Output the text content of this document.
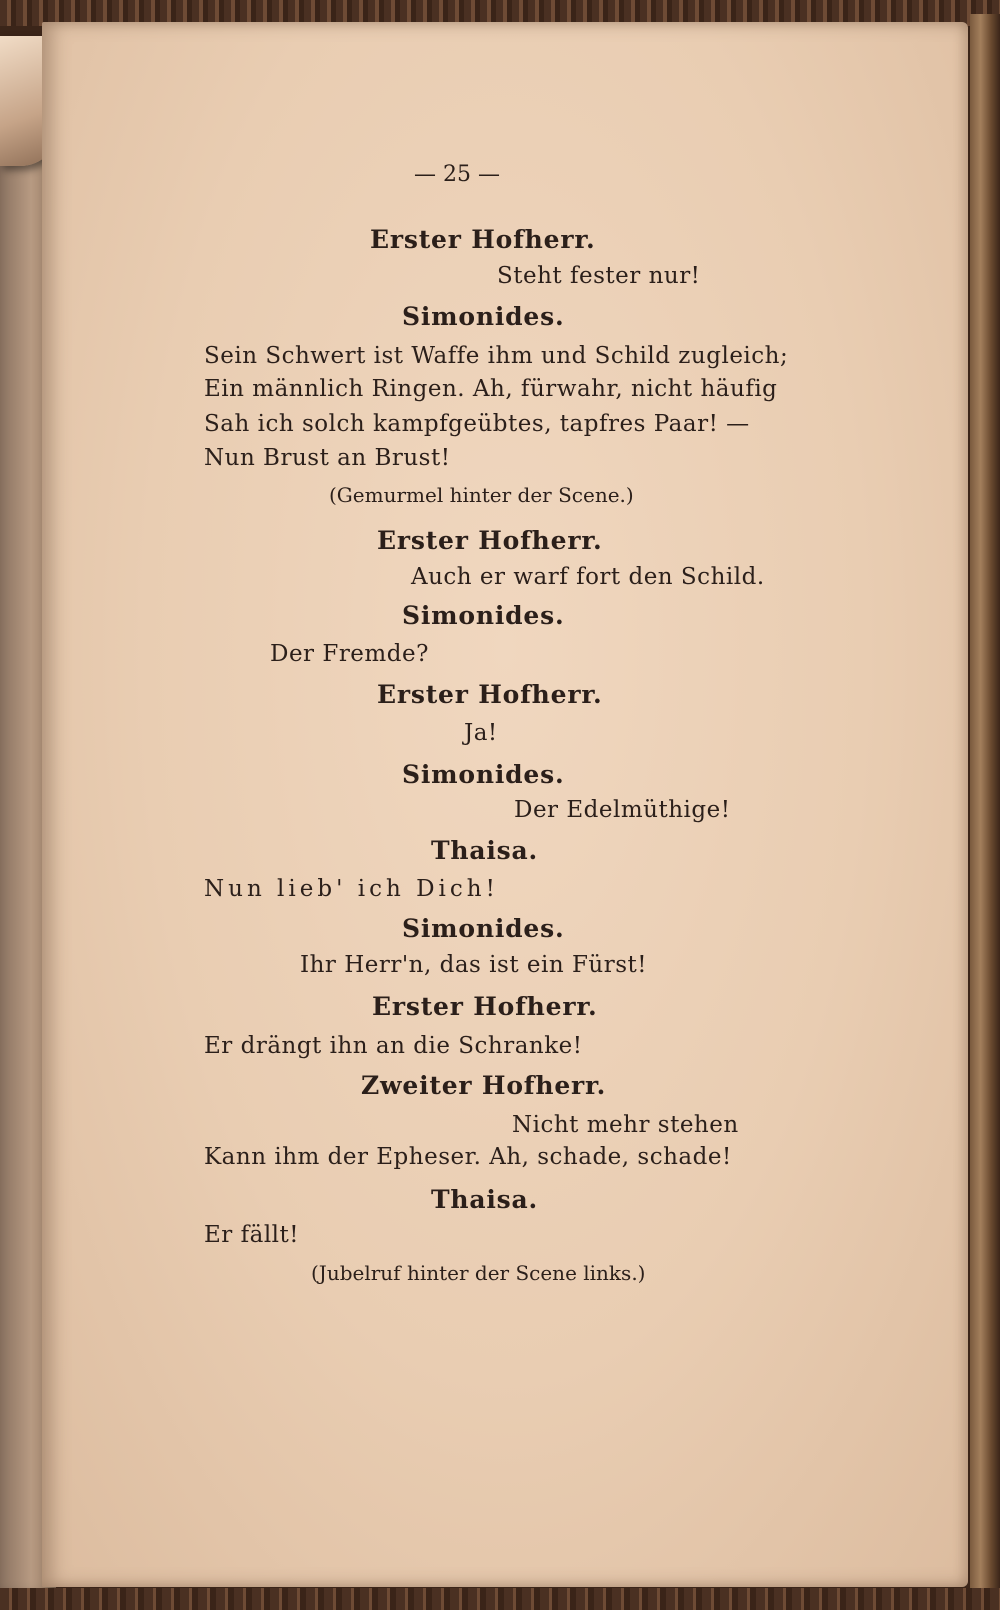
— 25 —
Erster Hofherr.
Steht fester nur!
Simonides.
Sein Schwert ist Waffe ihm und Schild zugleich;
Ein männlich Ringen. Ah, fürwahr, nicht häufig
Sah ich solch kampfgeübtes, tapfres Paar! —
Nun Brust an Brust!
(Gemurmel hinter der Scene.)
Erster Hofherr.
Auch er warf fort den Schild.
Simonides.
Der Fremde?
Erster Hofherr.
Ja!
Simonides.
Der Edelmüthige!
Thaisa.
Nun lieb' ich Dich!
Simonides.
Ihr Herr'n, das ist ein Fürst!
Erster Hofherr.
Er drängt ihn an die Schranke!
Zweiter Hofherr.
Nicht mehr stehen
Kann ihm der Epheser. Ah, schade, schade!
Thaisa.
Er fällt!
(Jubelruf hinter der Scene links.)
